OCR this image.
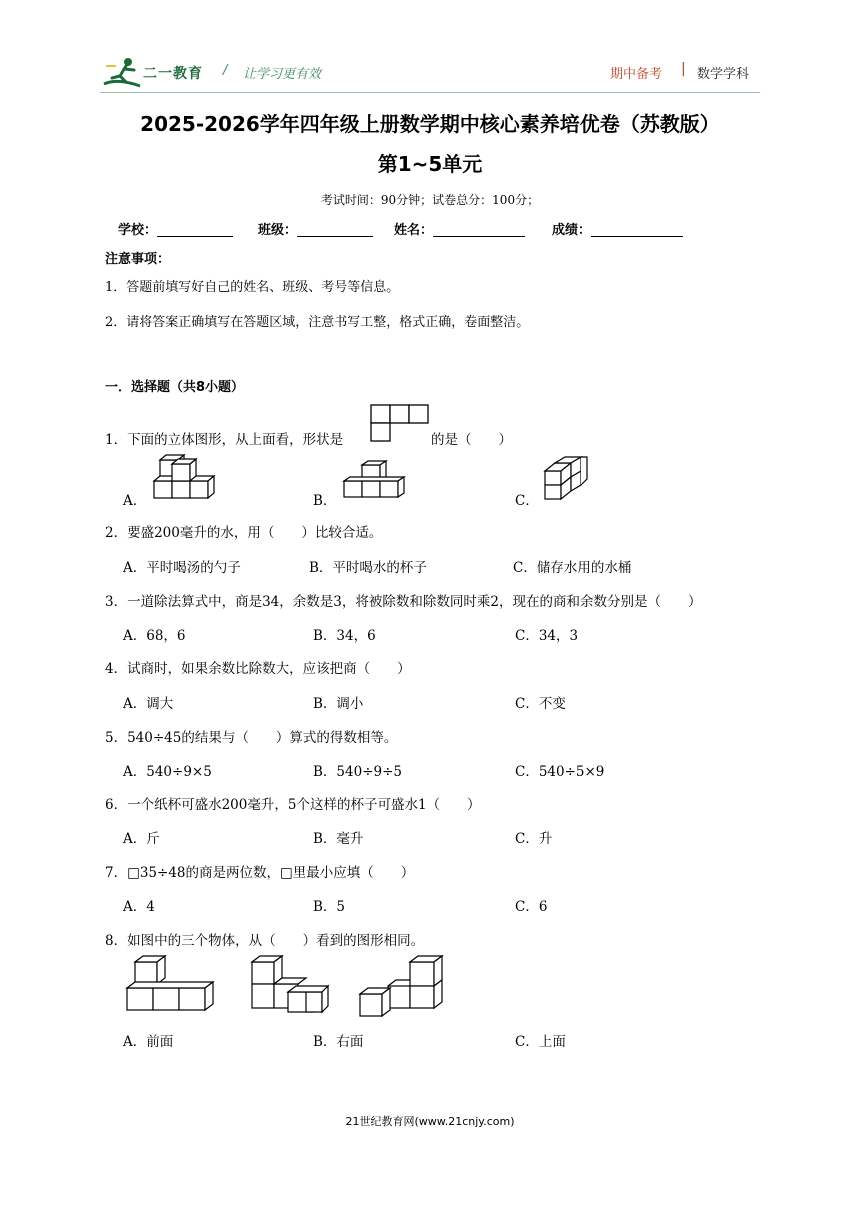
二一教育 / 让学习更有效	期中备考 | 数学学科
2025-2026学年四年级上册数学期中核心素养培优卷（苏教版）
第1~5单元
考试时间：90分钟；试卷总分：100分；
学校：	班级：	姓名：	成绩：
注意事项：
1．答题前填写好自己的姓名、班级、考号等信息。
2．请将答案正确填写在答题区域，注意书写工整，格式正确，卷面整洁。
一．选择题（共8小题）
1．下面的立体图形，从上面看，形状是	的是（　　）
A．	B．	C．
2．要盛200毫升的水，用（　　）比较合适。
A．平时喝汤的勺子	B．平时喝水的杯子	C．储存水用的水桶
3．一道除法算式中，商是34，余数是3，将被除数和除数同时乘2，现在的商和余数分别是（　　）
A．68，6	B．34，6	C．34，3
4．试商时，如果余数比除数大，应该把商（　　）
A．调大	B．调小	C．不变
5．540÷45的结果与（　　）算式的得数相等。
A．540÷9×5	B．540÷9÷5	C．540÷5×9
6．一个纸杯可盛水200毫升，5个这样的杯子可盛水1（　　）
A．斤	B．毫升	C．升
7．□35÷48的商是两位数，□里最小应填（　　）
A．4	B．5	C．6
8．如图中的三个物体，从（　　）看到的图形相同。
A．前面	B．右面	C．上面
21世纪教育网(www.21cnjy.com)
